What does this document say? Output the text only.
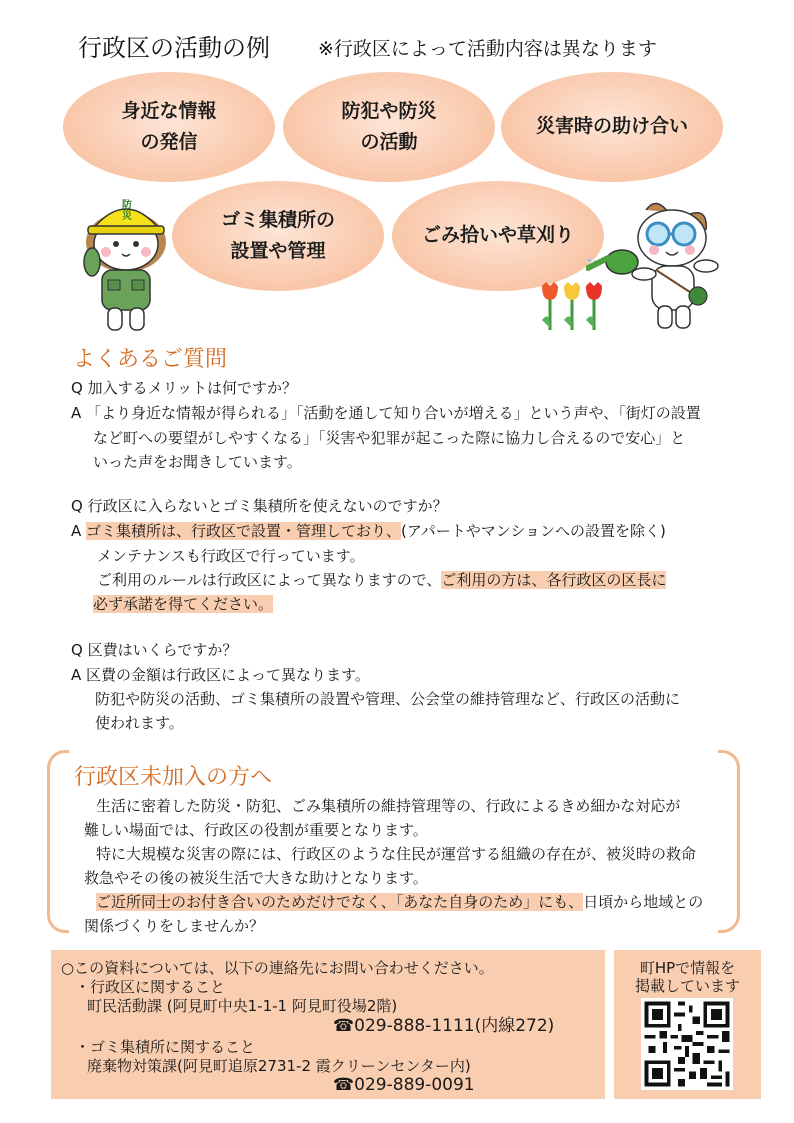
行政区の活動の例	※行政区によって活動内容は異なります
身近な情報
の発信
防犯や防災
の活動
災害時の助け合い
ゴミ集積所の
設置や管理
ごみ拾いや草刈り
防災
よくあるご質問
Q 加入するメリットは何ですか？
A 「より身近な情報が得られる」「活動を通して知り合いが増える」という声や、「街灯の設置
など町への要望がしやすくなる」「災害や犯罪が起こった際に協力し合えるので安心」と
いった声をお聞きしています。
Q 行政区に入らないとゴミ集積所を使えないのですか？
A ゴミ集積所は、行政区で設置・管理しており、(アパートやマンションへの設置を除く)
メンテナンスも行政区で行っています。
ご利用のルールは行政区によって異なりますので、ご利用の方は、各行政区の区長に
必ず承諾を得てください。
Q 区費はいくらですか？
A 区費の金額は行政区によって異なります。
防犯や防災の活動、ゴミ集積所の設置や管理、公会堂の維持管理など、行政区の活動に
使われます。
行政区未加入の方へ
生活に密着した防災・防犯、ごみ集積所の維持管理等の、行政によるきめ細かな対応が
難しい場面では、行政区の役割が重要となります。
特に大規模な災害の際には、行政区のような住民が運営する組織の存在が、被災時の救命
救急やその後の被災生活で大きな助けとなります。
ご近所同士のお付き合いのためだけでなく、「あなた自身のため」にも、日頃から地域との
関係づくりをしませんか？
○この資料については、以下の連絡先にお問い合わせください。
・行政区に関すること
町民活動課 (阿見町中央1-1-1 阿見町役場2階)
☎029-888-1111(内線272)
・ゴミ集積所に関すること
廃棄物対策課(阿見町追原2731-2 霞クリーンセンター内)
☎029-889-0091
町HPで情報を
掲載しています
